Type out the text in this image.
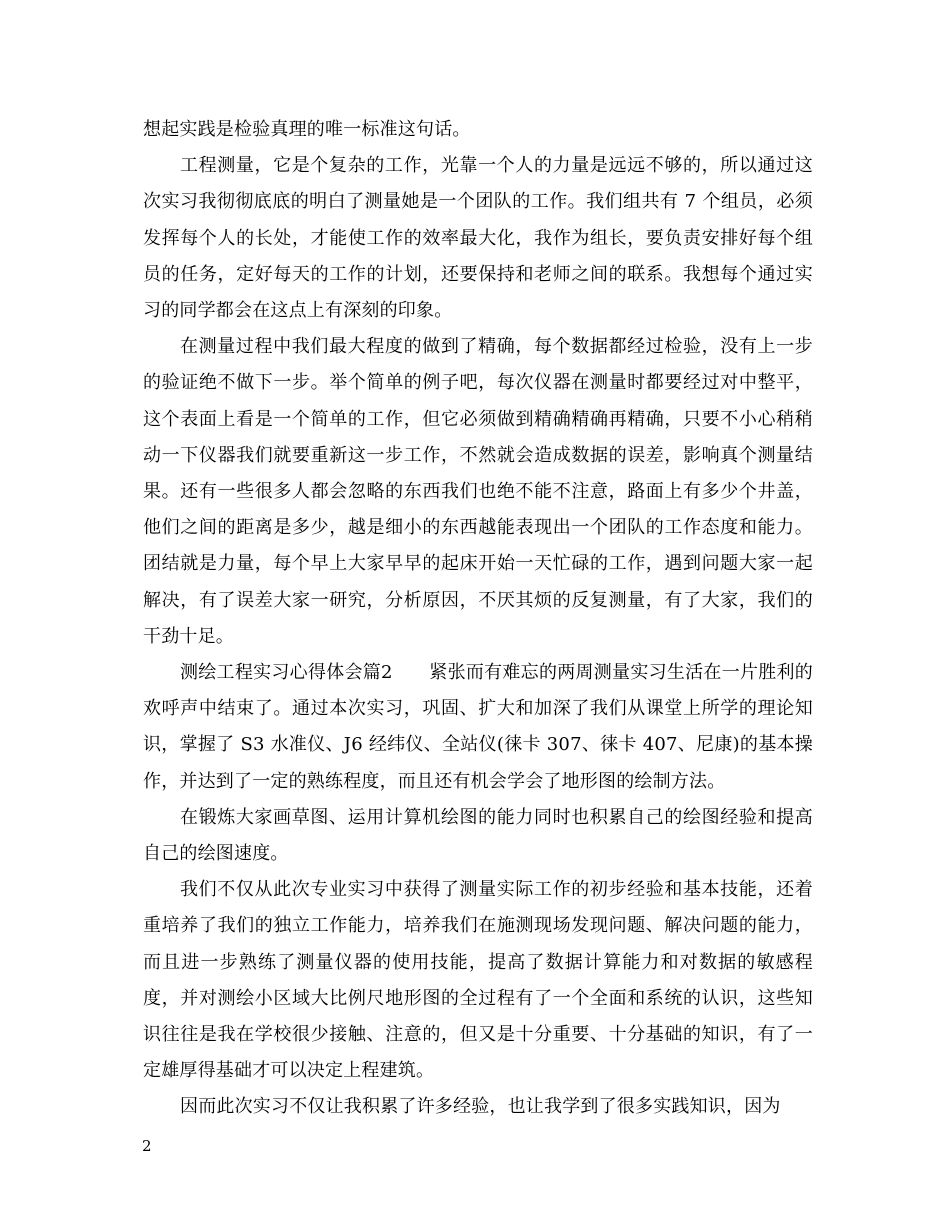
想起实践是检验真理的唯一标准这句话。

工程测量，它是个复杂的工作，光靠一个人的力量是远远不够的，所以通过这次实习我彻彻底底的明白了测量她是一个团队的工作。我们组共有 7 个组员，必须发挥每个人的长处，才能使工作的效率最大化，我作为组长，要负责安排好每个组员的任务，定好每天的工作的计划，还要保持和老师之间的联系。我想每个通过实习的同学都会在这点上有深刻的印象。

在测量过程中我们最大程度的做到了精确，每个数据都经过检验，没有上一步的验证绝不做下一步。举个简单的例子吧，每次仪器在测量时都要经过对中整平，这个表面上看是一个简单的工作，但它必须做到精确精确再精确，只要不小心稍稍动一下仪器我们就要重新这一步工作，不然就会造成数据的误差，影响真个测量结果。还有一些很多人都会忽略的东西我们也绝不能不注意，路面上有多少个井盖，他们之间的距离是多少，越是细小的东西越能表现出一个团队的工作态度和能力。团结就是力量，每个早上大家早早的起床开始一天忙碌的工作，遇到问题大家一起解决，有了误差大家一研究，分析原因，不厌其烦的反复测量，有了大家，我们的干劲十足。

测绘工程实习心得体会篇2　　紧张而有难忘的两周测量实习生活在一片胜利的欢呼声中结束了。通过本次实习，巩固、扩大和加深了我们从课堂上所学的理论知识，掌握了 S3 水准仪、J6 经纬仪、全站仪(徕卡 307、徕卡 407、尼康)的基本操作，并达到了一定的熟练程度，而且还有机会学会了地形图的绘制方法。

在锻炼大家画草图、运用计算机绘图的能力同时也积累自己的绘图经验和提高自己的绘图速度。

我们不仅从此次专业实习中获得了测量实际工作的初步经验和基本技能，还着重培养了我们的独立工作能力，培养我们在施测现场发现问题、解决问题的能力，而且进一步熟练了测量仪器的使用技能，提高了数据计算能力和对数据的敏感程度，并对测绘小区域大比例尺地形图的全过程有了一个全面和系统的认识，这些知识往往是我在学校很少接触、注意的，但又是十分重要、十分基础的知识，有了一定雄厚得基础才可以决定上程建筑。

因而此次实习不仅让我积累了许多经验，也让我学到了很多实践知识，因为

2
